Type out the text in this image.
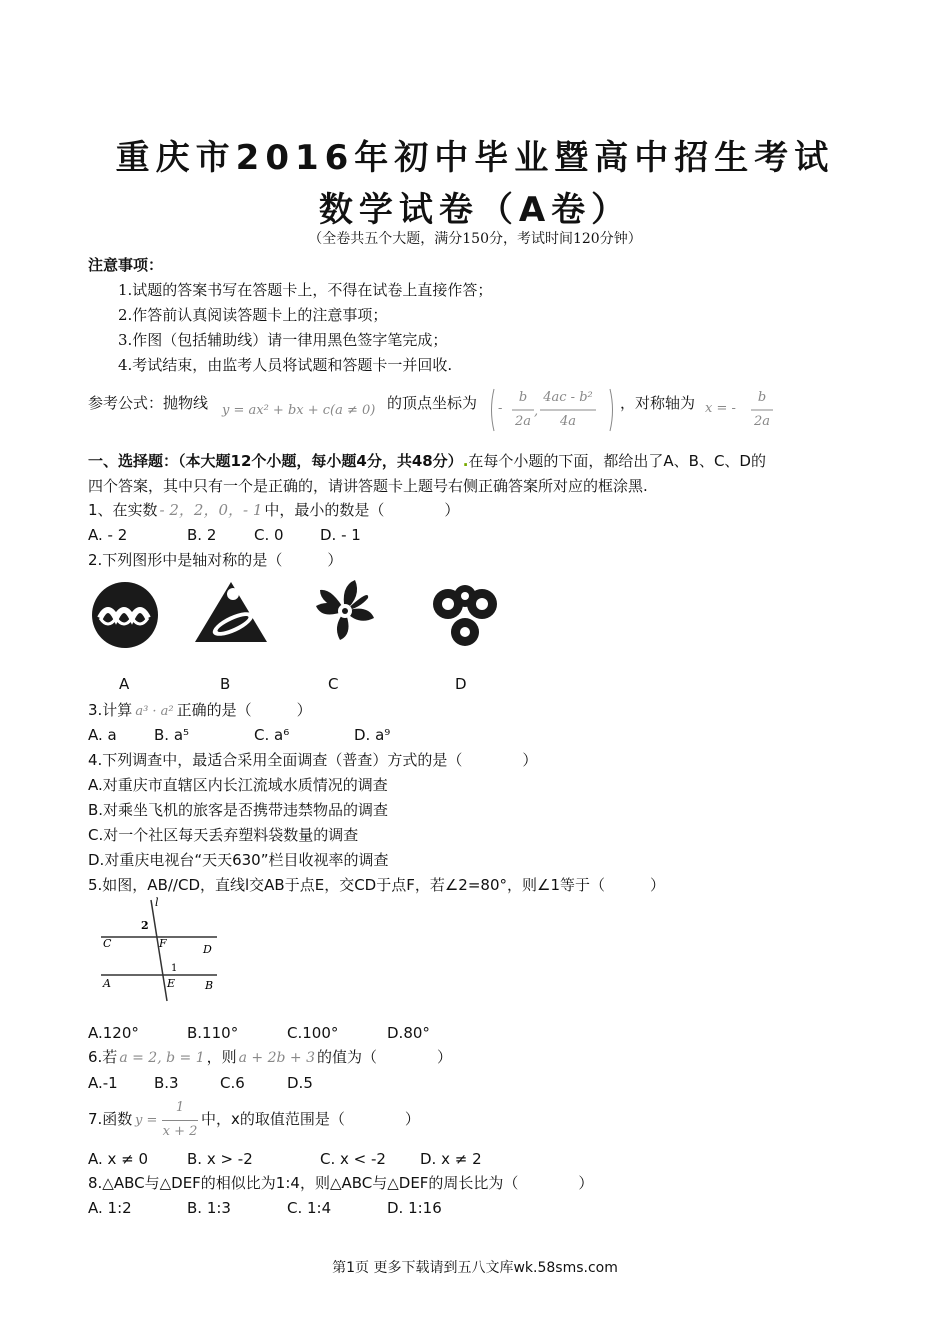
重庆市2016年初中毕业暨高中招生考试
数学试卷（A卷）
（全卷共五个大题，满分150分，考试时间120分钟）
注意事项：
1.试题的答案书写在答题卡上，不得在试卷上直接作答；
2.作答前认真阅读答题卡上的注意事项；
3.作图（包括辅助线）请一律用黑色签字笔完成；
4.考试结束，由监考人员将试题和答题卡一并回收.
参考公式：抛物线 y = ax² + bx + c(a ≠ 0) 的顶点坐标为 -
b
2a
,
4ac - b²
4a
，对称轴为 x = -
b
2a
一、选择题：（本大题12个小题，每小题4分，共48分）.在每个小题的下面，都给出了A、B、C、D的
四个答案，其中只有一个是正确的，请讲答题卡上题号右侧正确答案所对应的框涂黑.
1、在实数 - 2，2，0，- 1 中，最小的数是（　　　　）
A. - 2	B. 2	C. 0 D. - 1
2.下列图形中是轴对称的是（　　　）
A	B	C	D
3.计算 a³ · a² 正确的是（　　　）
A. a B. a⁵	C. a⁶	D. a⁹
4.下列调查中，最适合采用全面调查（普查）方式的是（　　　　）
A.对重庆市直辖区内长江流域水质情况的调查
B.对乘坐飞机的旅客是否携带违禁物品的调查
C.对一个社区每天丢弃塑料袋数量的调查
D.对重庆电视台“天天630”栏目收视率的调查
5.如图，AB//CD，直线l交AB于点E，交CD于点F，若∠2=80°，则∠1等于（　　　）
l
2
C	F	D
1
A	E	B
A.120°	B.110°	C.100°	D.80°
6.若 a = 2, b = 1 ，则 a + 2b + 3 的值为（　　　　）
A.-1 B.3	C.6	D.5
7.函数 y =
1
x + 2
中，x的取值范围是（　　　　）
A. x ≠ 0	B. x > -2	C. x < -2 D. x ≠ 2
8.△ABC与△DEF的相似比为1:4，则△ABC与△DEF的周长比为（　　　　）
A. 1:2	B. 1:3	C. 1:4	D. 1:16
第1页 更多下载请到五八文库wk.58sms.com
